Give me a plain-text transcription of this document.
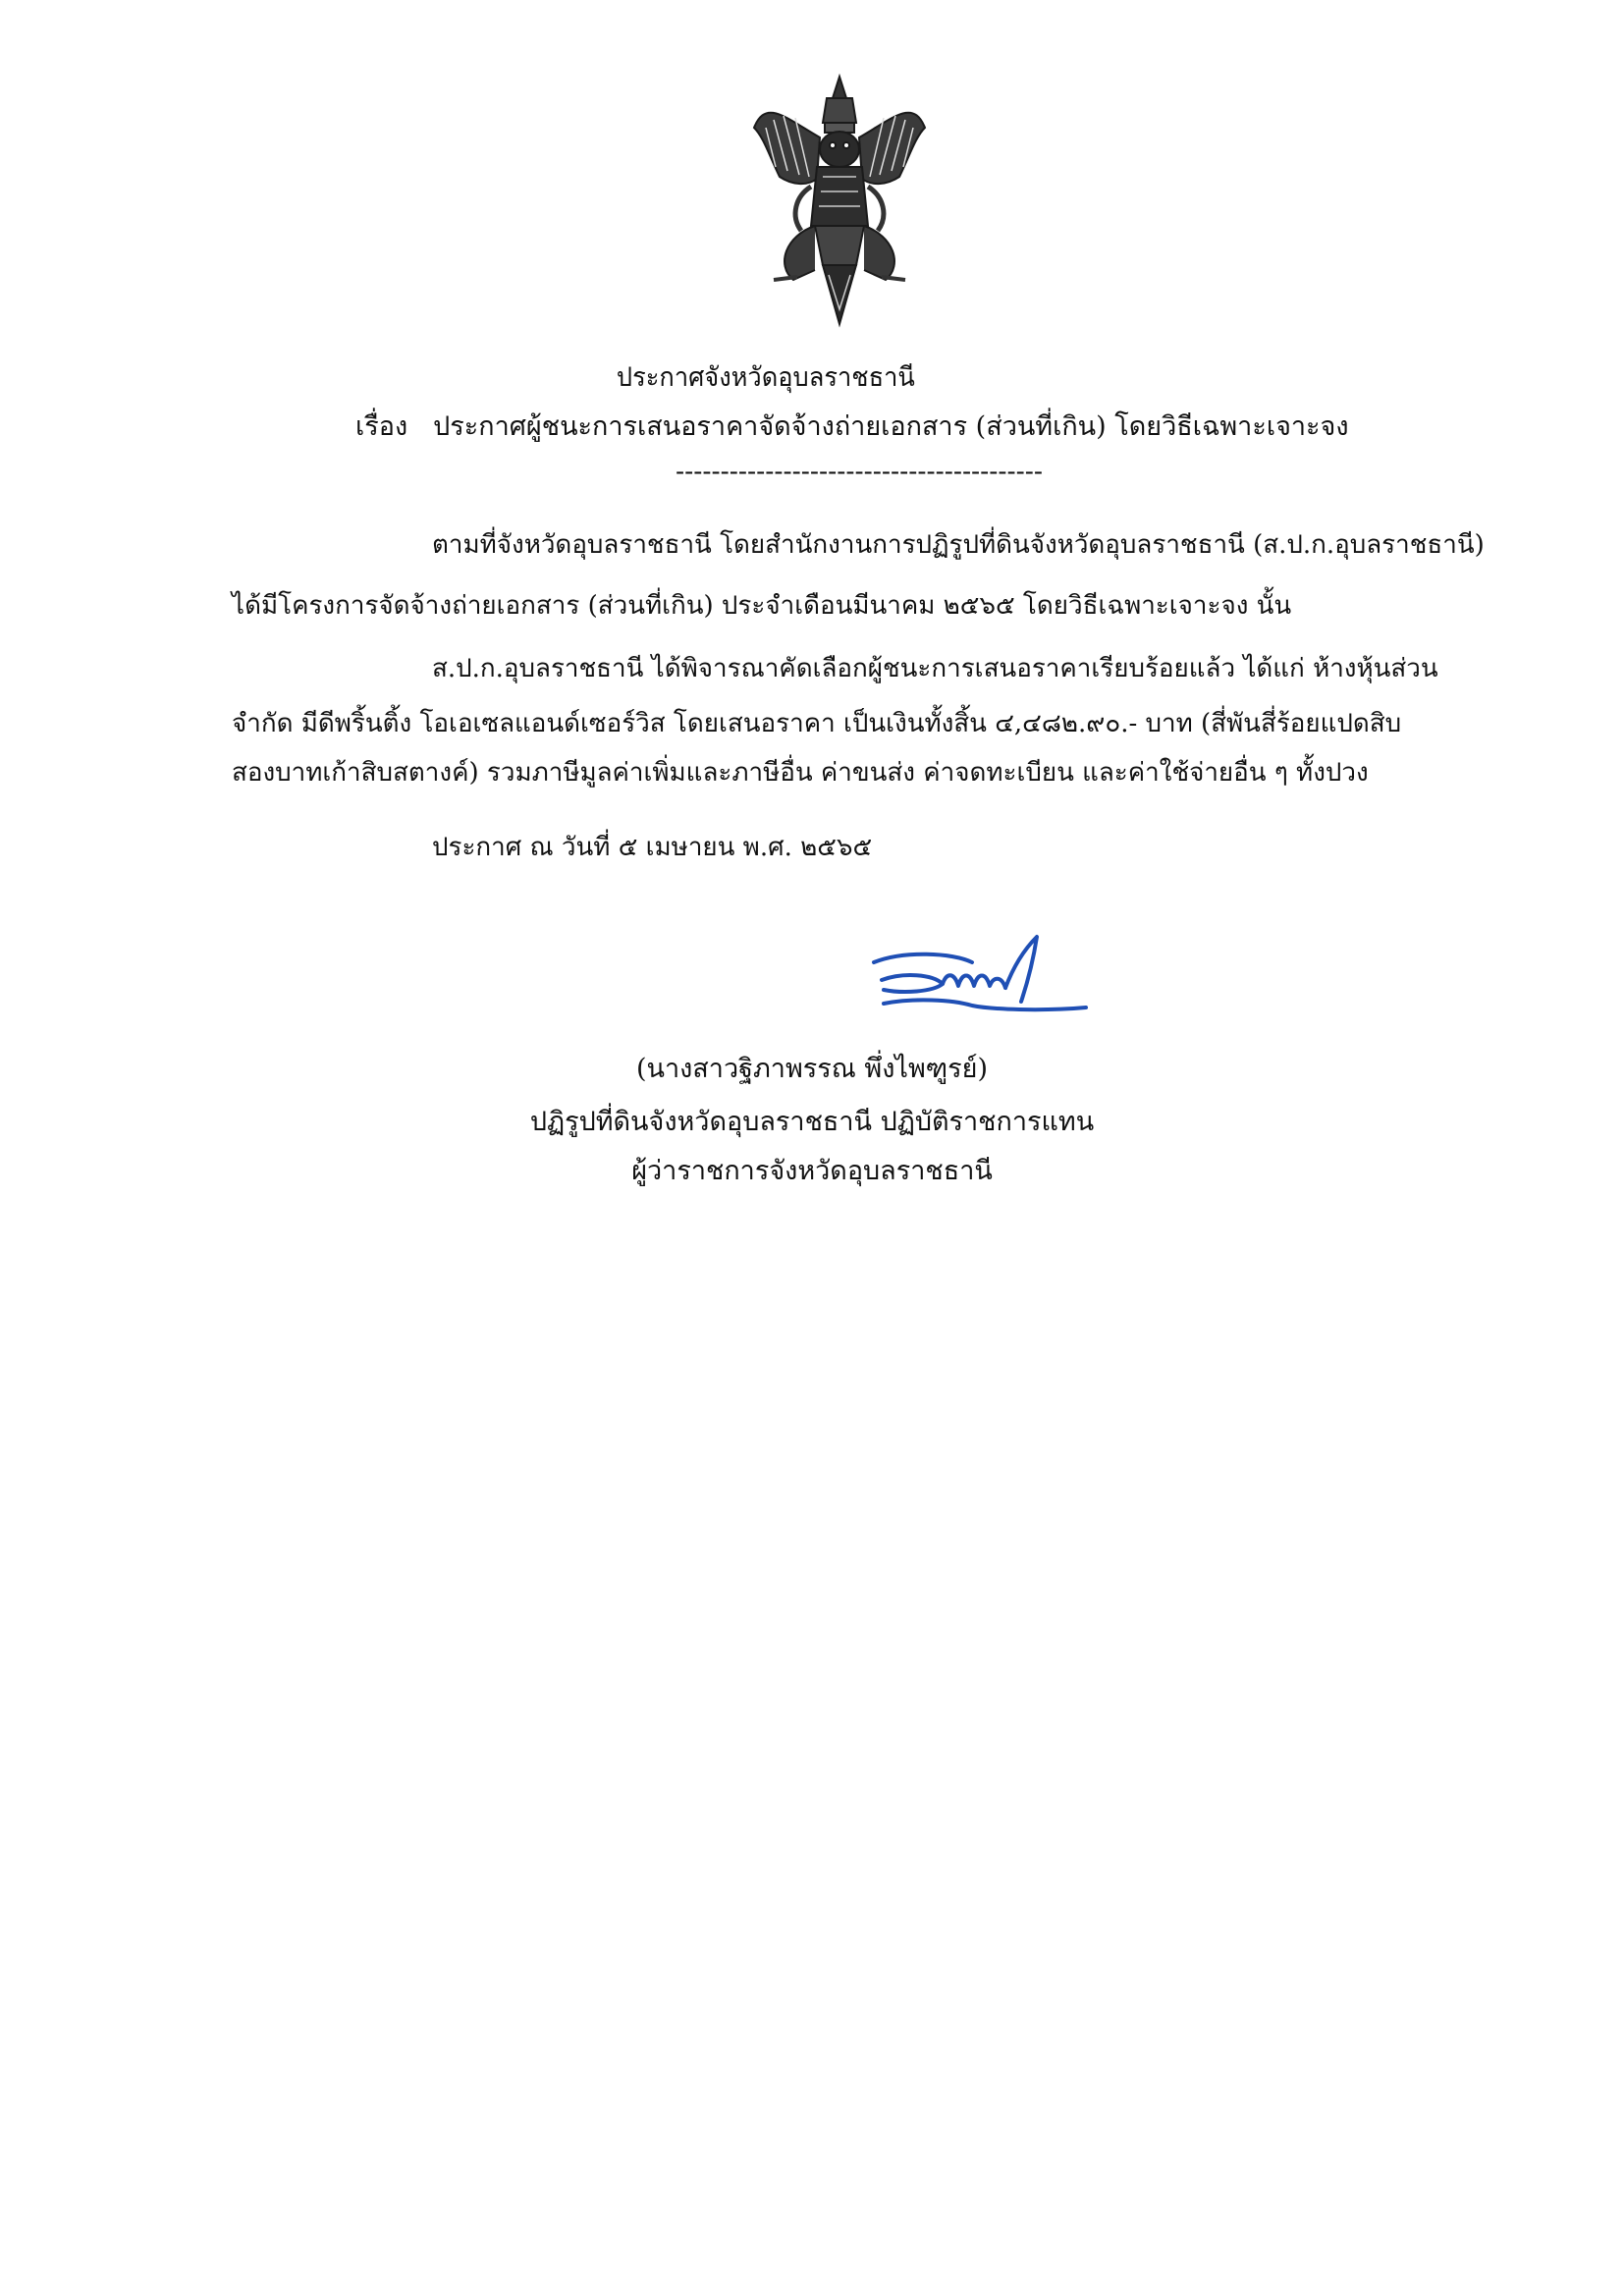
ประกาศจังหวัดอุบลราชธานี
เรื่อง ประกาศผู้ชนะการเสนอราคาจัดจ้างถ่ายเอกสาร (ส่วนที่เกิน) โดยวิธีเฉพาะเจาะจง
-----------------------------------------
ตามที่จังหวัดอุบลราชธานี โดยสำนักงานการปฏิรูปที่ดินจังหวัดอุบลราชธานี (ส.ป.ก.อุบลราชธานี)
ได้มีโครงการจัดจ้างถ่ายเอกสาร (ส่วนที่เกิน) ประจำเดือนมีนาคม ๒๕๖๕ โดยวิธีเฉพาะเจาะจง นั้น
ส.ป.ก.อุบลราชธานี ได้พิจารณาคัดเลือกผู้ชนะการเสนอราคาเรียบร้อยแล้ว ได้แก่ ห้างหุ้นส่วน
จำกัด มีดีพริ้นติ้ง โอเอเซลแอนด์เซอร์วิส โดยเสนอราคา เป็นเงินทั้งสิ้น ๔,๔๘๒.๙๐.- บาท (สี่พันสี่ร้อยแปดสิบ
สองบาทเก้าสิบสตางค์) รวมภาษีมูลค่าเพิ่มและภาษีอื่น ค่าขนส่ง ค่าจดทะเบียน และค่าใช้จ่ายอื่น ๆ ทั้งปวง
ประกาศ ณ วันที่ ๕ เมษายน พ.ศ. ๒๕๖๕
(นางสาวฐิภาพรรณ พึ่งไพฑูรย์)
ปฏิรูปที่ดินจังหวัดอุบลราชธานี ปฏิบัติราชการแทน
ผู้ว่าราชการจังหวัดอุบลราชธานี
